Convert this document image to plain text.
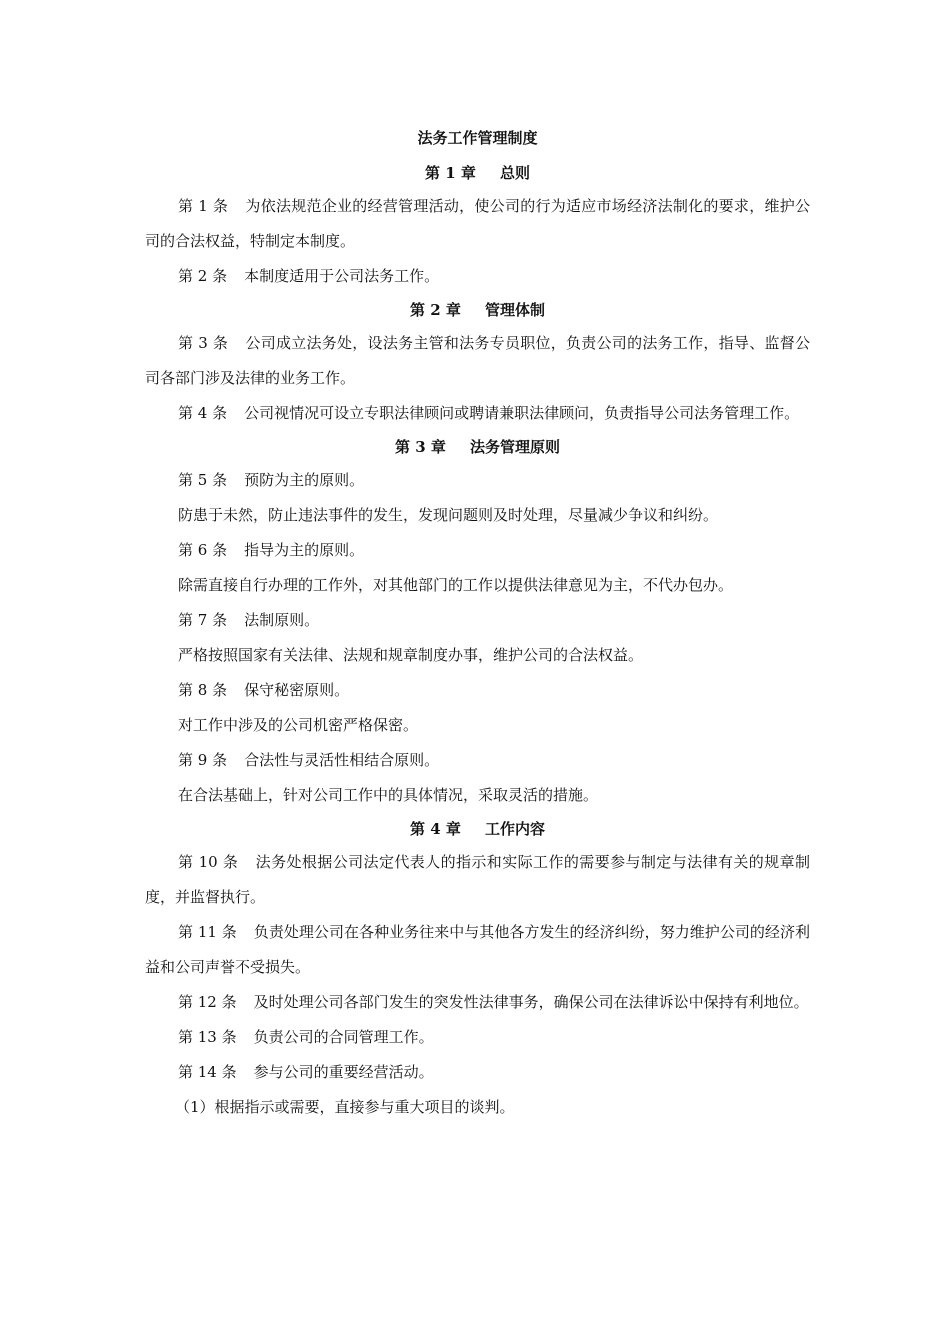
法务工作管理制度
第 1 章 总则

第 1 条 为依法规范企业的经营管理活动，使公司的行为适应市场经济法制化的要求，维护公司的合法权益，特制定本制度。

第 2 条 本制度适用于公司法务工作。

第 2 章 管理体制

第 3 条 公司成立法务处，设法务主管和法务专员职位，负责公司的法务工作，指导、监督公司各部门涉及法律的业务工作。

第 4 条 公司视情况可设立专职法律顾问或聘请兼职法律顾问，负责指导公司法务管理工作。

第 3 章 法务管理原则

第 5 条 预防为主的原则。

防患于未然，防止违法事件的发生，发现问题则及时处理，尽量减少争议和纠纷。

第 6 条 指导为主的原则。

除需直接自行办理的工作外，对其他部门的工作以提供法律意见为主，不代办包办。

第 7 条 法制原则。

严格按照国家有关法律、法规和规章制度办事，维护公司的合法权益。

第 8 条 保守秘密原则。

对工作中涉及的公司机密严格保密。

第 9 条 合法性与灵活性相结合原则。

在合法基础上，针对公司工作中的具体情况，采取灵活的措施。

第 4 章 工作内容

第 10 条 法务处根据公司法定代表人的指示和实际工作的需要参与制定与法律有关的规章制度，并监督执行。

第 11 条 负责处理公司在各种业务往来中与其他各方发生的经济纠纷，努力维护公司的经济利益和公司声誉不受损失。

第 12 条 及时处理公司各部门发生的突发性法律事务，确保公司在法律诉讼中保持有利地位。

第 13 条 负责公司的合同管理工作。

第 14 条 参与公司的重要经营活动。

（1）根据指示或需要，直接参与重大项目的谈判。
